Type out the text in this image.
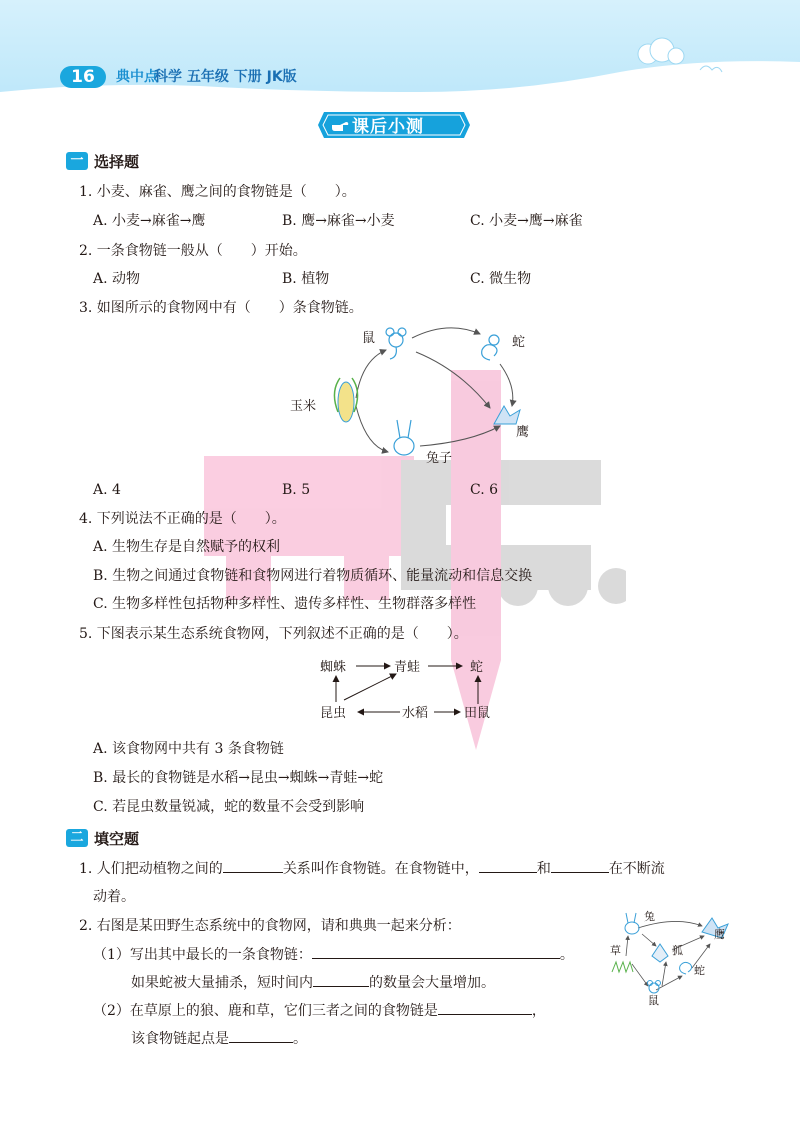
16	典中点
科学 五年级 下册 JK版
课后小测
一 选择题
1. 小麦、麻雀、鹰之间的食物链是（　　）。
A. 小麦→麻雀→鹰	B. 鹰→麻雀→小麦	C. 小麦→鹰→麻雀
2. 一条食物链一般从（　　）开始。
A. 动物	B. 植物	C. 微生物
3. 如图所示的食物网中有（　　）条食物链。
鼠	蛇
玉米
鹰
兔子
A. 4	B. 5	C. 6
4. 下列说法不正确的是（　　）。
A. 生物生存是自然赋予的权利
B. 生物之间通过食物链和食物网进行着物质循环、能量流动和信息交换
C. 生物多样性包括物种多样性、遗传多样性、生物群落多样性
5. 下图表示某生态系统食物网，下列叙述不正确的是（　　）。
蜘蛛	青蛙	蛇
昆虫	水稻	田鼠
A. 该食物网中共有 3 条食物链
B. 最长的食物链是水稻→昆虫→蜘蛛→青蛙→蛇
C. 若昆虫数量锐减，蛇的数量不会受到影响
二 填空题
1. 人们把动植物之间的	关系叫作食物链。在食物链中，	和	在不断流
动着。
2. 右图是某田野生态系统中的食物网，请和典典一起来分析：
（1）写出其中最长的一条食物链：	。
如果蛇被大量捕杀，短时间内	的数量会大量增加。
（2）在草原上的狼、鹿和草，它们三者之间的食物链是	，
该食物链起点是	。
兔
草	狐
鹰
蛇
鼠
